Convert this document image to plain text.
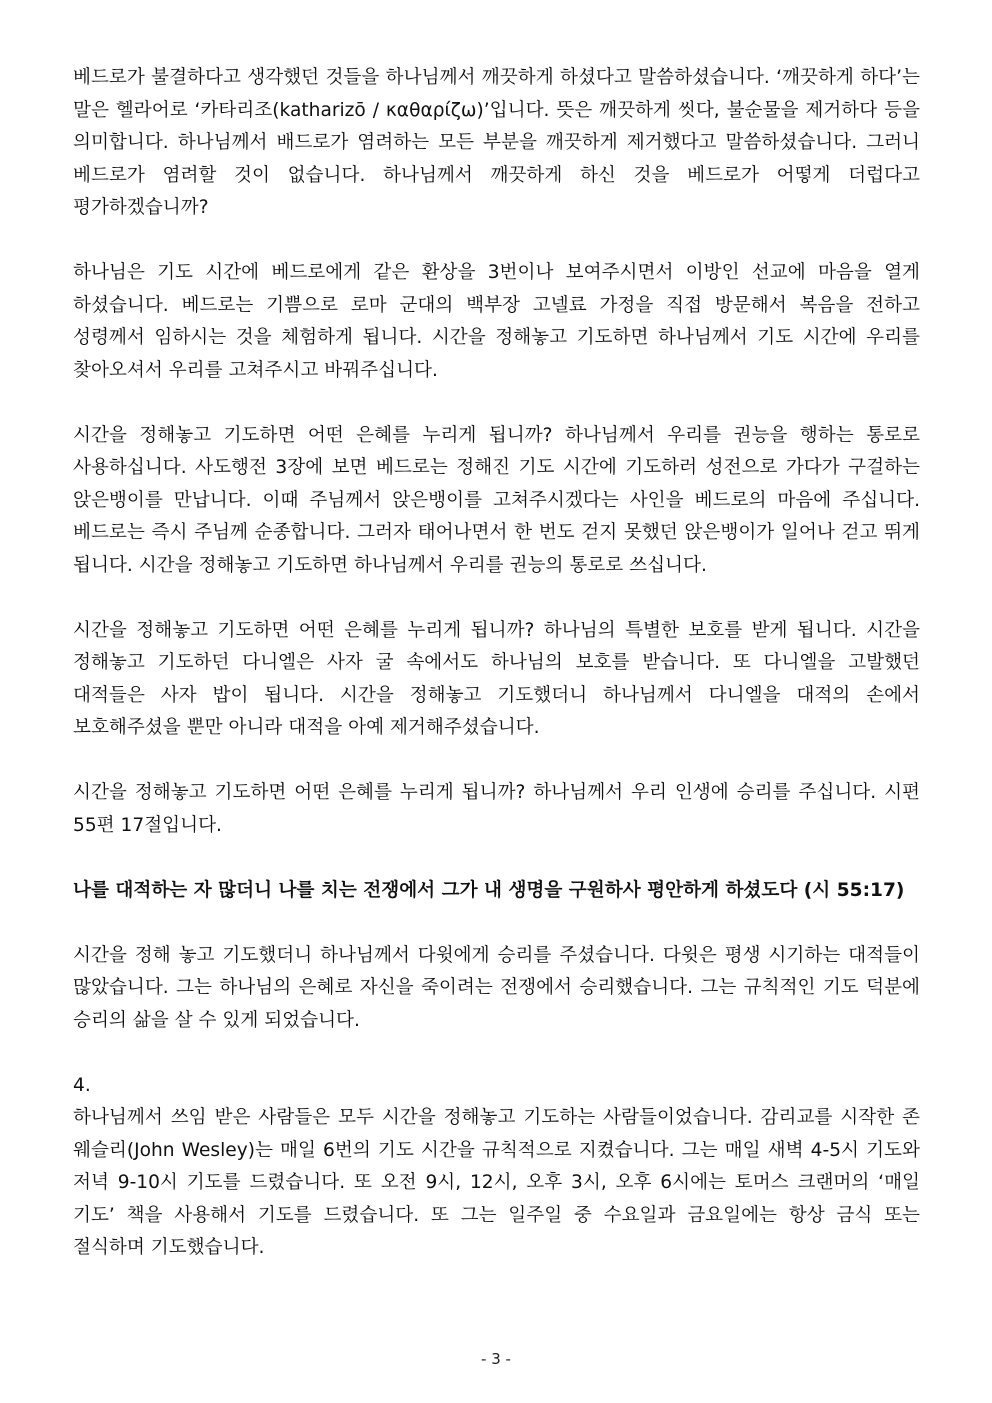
베드로가 불결하다고 생각했던 것들을 하나님께서 깨끗하게 하셨다고 말씀하셨습니다. ‘깨끗하게 하다’는 말은 헬라어로 ‘카타리조(katharizō / καθαρίζω)’입니다. 뜻은 깨끗하게 씻다, 불순물을 제거하다 등을 의미합니다. 하나님께서 배드로가 염려하는 모든 부분을 깨끗하게 제거했다고 말씀하셨습니다. 그러니 베드로가 염려할 것이 없습니다. 하나님께서 깨끗하게 하신 것을 베드로가 어떻게 더럽다고 평가하겠습니까?

하나님은 기도 시간에 베드로에게 같은 환상을 3번이나 보여주시면서 이방인 선교에 마음을 열게 하셨습니다. 베드로는 기쁨으로 로마 군대의 백부장 고넬료 가정을 직접 방문해서 복음을 전하고 성령께서 임하시는 것을 체험하게 됩니다. 시간을 정해놓고 기도하면 하나님께서 기도 시간에 우리를 찾아오셔서 우리를 고쳐주시고 바꿔주십니다.

시간을 정해놓고 기도하면 어떤 은혜를 누리게 됩니까? 하나님께서 우리를 권능을 행하는 통로로 사용하십니다. 사도행전 3장에 보면 베드로는 정해진 기도 시간에 기도하러 성전으로 가다가 구걸하는 앉은뱅이를 만납니다. 이때 주님께서 앉은뱅이를 고쳐주시겠다는 사인을 베드로의 마음에 주십니다. 베드로는 즉시 주님께 순종합니다. 그러자 태어나면서 한 번도 걷지 못했던 앉은뱅이가 일어나 걷고 뛰게 됩니다. 시간을 정해놓고 기도하면 하나님께서 우리를 권능의 통로로 쓰십니다.

시간을 정해놓고 기도하면 어떤 은혜를 누리게 됩니까? 하나님의 특별한 보호를 받게 됩니다. 시간을 정해놓고 기도하던 다니엘은 사자 굴 속에서도 하나님의 보호를 받습니다. 또 다니엘을 고발했던 대적들은 사자 밥이 됩니다. 시간을 정해놓고 기도했더니 하나님께서 다니엘을 대적의 손에서 보호해주셨을 뿐만 아니라 대적을 아예 제거해주셨습니다.

시간을 정해놓고 기도하면 어떤 은혜를 누리게 됩니까? 하나님께서 우리 인생에 승리를 주십니다. 시편 55편 17절입니다.

나를 대적하는 자 많더니 나를 치는 전쟁에서 그가 내 생명을 구원하사 평안하게 하셨도다 (시 55:17)

시간을 정해 놓고 기도했더니 하나님께서 다윗에게 승리를 주셨습니다. 다윗은 평생 시기하는 대적들이 많았습니다. 그는 하나님의 은혜로 자신을 죽이려는 전쟁에서 승리했습니다. 그는 규칙적인 기도 덕분에 승리의 삶을 살 수 있게 되었습니다.

4.

하나님께서 쓰임 받은 사람들은 모두 시간을 정해놓고 기도하는 사람들이었습니다. 감리교를 시작한 존 웨슬리(John Wesley)는 매일 6번의 기도 시간을 규칙적으로 지켰습니다. 그는 매일 새벽 4-5시 기도와 저녁 9-10시 기도를 드렸습니다. 또 오전 9시, 12시, 오후 3시, 오후 6시에는 토머스 크랜머의 ‘매일 기도’ 책을 사용해서 기도를 드렸습니다. 또 그는 일주일 중 수요일과 금요일에는 항상 금식 또는 절식하며 기도했습니다.

- 3 -
